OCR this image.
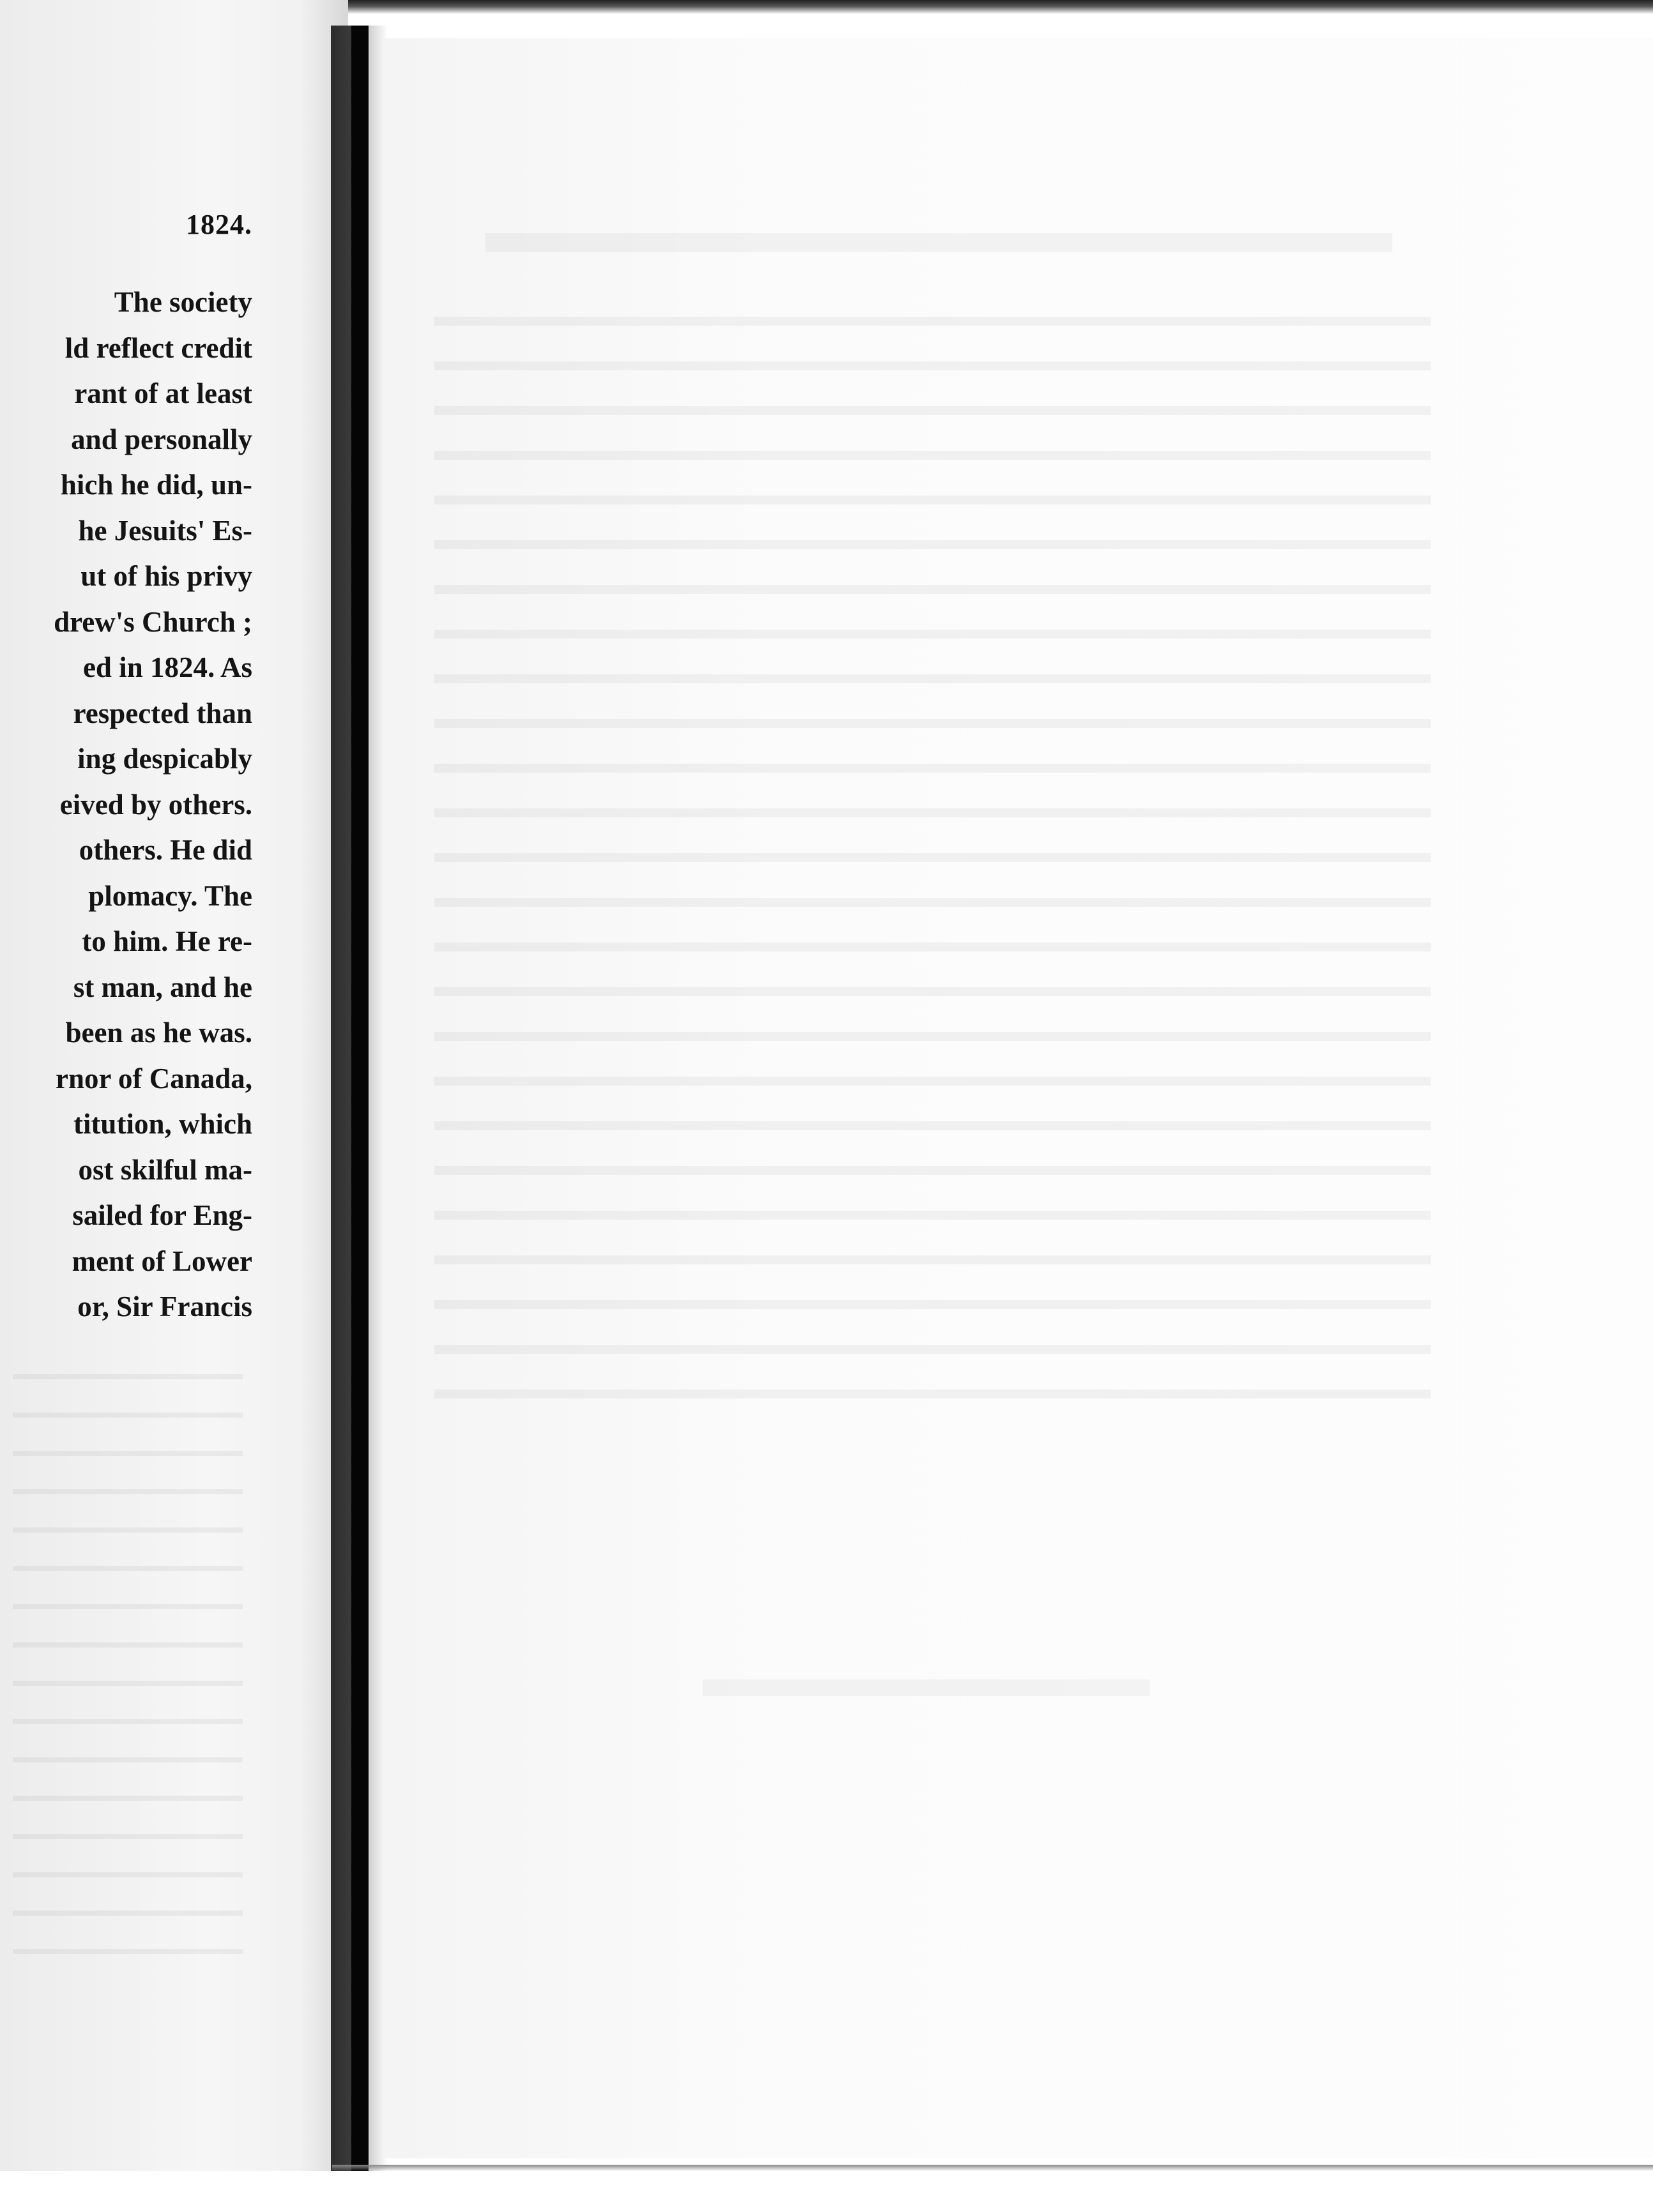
1824.
The society
ld reflect credit
rant of at least
and personally
hich he did, un-
he Jesuits' Es-
ut of his privy
drew's Church ;
ed in 1824. As
respected than
ing despicably
eived by others.
others. He did
plomacy. The
to him. He re-
st man, and he
been as he was.
rnor of Canada,
titution, which
ost skilful ma-
sailed for Eng-
ment of Lower
or, Sir Francis
